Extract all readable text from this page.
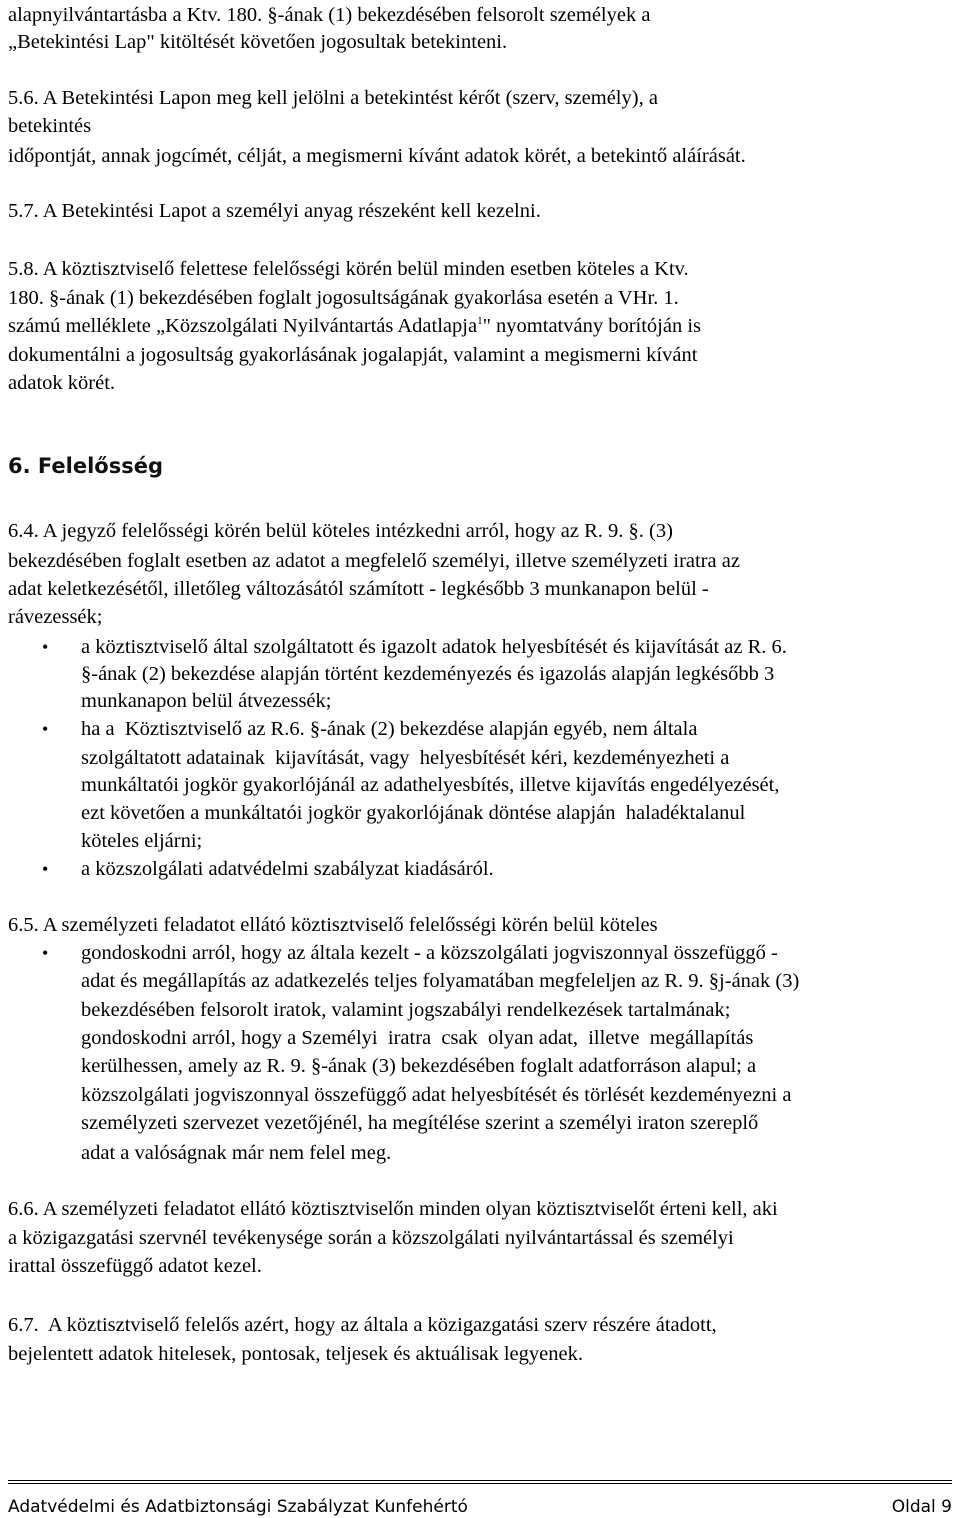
alapnyilvántartásba a Ktv. 180. §-ának (1) bekezdésében felsorolt személyek a
„Betekintési Lap" kitöltését követően jogosultak betekinteni.
5.6. A Betekintési Lapon meg kell jelölni a betekintést kérőt (szerv, személy), a
betekintés
időpontját, annak jogcímét, célját, a megismerni kívánt adatok körét, a betekintő aláírását.
5.7. A Betekintési Lapot a személyi anyag részeként kell kezelni.
5.8. A köztisztviselő felettese felelősségi körén belül minden esetben köteles a Ktv.
180. §-ának (1) bekezdésében foglalt jogosultságának gyakorlása esetén a VHr. 1.
számú melléklete „Közszolgálati Nyilvántartás Adatlapja$^1$" nyomtatvány borítóján is
dokumentálni a jogosultság gyakorlásának jogalapját, valamint a megismerni kívánt
adatok körét.
6. Felelősség
6.4. A jegyző felelősségi körén belül köteles intézkedni arról, hogy az R. 9. §. (3)
bekezdésében foglalt esetben az adatot a megfelelő személyi, illetve személyzeti iratra az
adat keletkezésétől, illetőleg változásától számított - legkésőbb 3 munkanapon belül -
rávezessék;
• a köztisztviselő által szolgáltatott és igazolt adatok helyesbítését és kijavítását az R. 6.
§-ának (2) bekezdése alapján történt kezdeményezés és igazolás alapján legkésőbb 3
munkanapon belül átvezessék;
• ha a  Köztisztviselő az R.6. §-ának (2) bekezdése alapján egyéb, nem általa
szolgáltatott adatainak  kijavítását, vagy  helyesbítését kéri, kezdeményezheti a
munkáltatói jogkör gyakorlójánál az adathelyesbítés, illetve kijavítás engedélyezését,
ezt követően a munkáltatói jogkör gyakorlójának döntése alapján  haladéktalanul
köteles eljárni;
• a közszolgálati adatvédelmi szabályzat kiadásáról.
6.5. A személyzeti feladatot ellátó köztisztviselő felelősségi körén belül köteles
• gondoskodni arról, hogy az általa kezelt - a közszolgálati jogviszonnyal összefüggő -
adat és megállapítás az adatkezelés teljes folyamatában megfeleljen az R. 9. §j-ának (3)
bekezdésében felsorolt iratok, valamint jogszabályi rendelkezések tartalmának;
gondoskodni arról, hogy a Személyi  iratra  csak  olyan adat,  illetve  megállapítás
kerülhessen, amely az R. 9. §-ának (3) bekezdésében foglalt adatforráson alapul; a
közszolgálati jogviszonnyal összefüggő adat helyesbítését és törlését kezdeményezni a
személyzeti szervezet vezetőjénél, ha megítélése szerint a személyi iraton szereplő
adat a valóságnak már nem felel meg.
6.6. A személyzeti feladatot ellátó köztisztviselőn minden olyan köztisztviselőt érteni kell, aki
a közigazgatási szervnél tevékenysége során a közszolgálati nyilvántartással és személyi
irattal összefüggő adatot kezel.
6.7.  A köztisztviselő felelős azért, hogy az általa a közigazgatási szerv részére átadott,
bejelentett adatok hitelesek, pontosak, teljesek és aktuálisak legyenek.
Adatvédelmi és Adatbiztonsági Szabályzat Kunfehértó	Oldal 9
